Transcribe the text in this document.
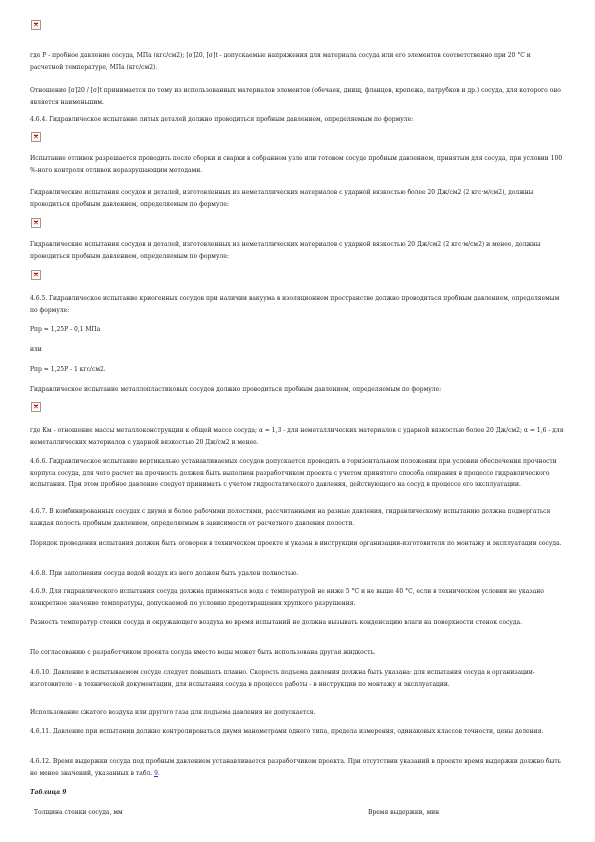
✕

где P - пробное давление сосуда, МПа (кгс/см2); [σ]20, [σ]t - допускаемые напряжения для материала сосуда или его элементов соответственно при 20 °С и расчетной температуре, МПа (кгс/см2).

Отношение [σ]20 / [σ]t принимается по тому из использованных материалов элементов (обечаек, днищ, фланцев, крепежа, патрубков и др.) сосуда, для которого оно является наименьшим.

4.6.4. Гидравлическое испытание литых деталей должно проводиться пробным давлением, определяемым по формуле:

✕

Испытание отливок разрешается проводить после сборки и сварки в собранном узле или готовом сосуде пробным давлением, принятым для сосуда, при условии 100 %-ного контроля отливок неразрушающим методами.

Гидравлические испытания сосудов и деталей, изготовленных из неметаллических материалов с ударной вязкостью более 20 Дж/см2 (2 кгс·м/см2), должны проводиться пробным давлением, определяемым по формуле:

✕

Гидравлические испытания сосудов и деталей, изготовленных из неметаллических материалов с ударной вязкостью 20 Дж/см2 (2 кгс·м/см2) и менее, должны проводиться пробным давлением, определяемым по формуле:

✕

4.6.5. Гидравлическое испытание криогенных сосудов при наличии вакуума в изоляционном пространстве должно проводиться пробным давлением, определяемым по формуле:

Рпр = 1,25Р - 0,1 МПа

или

Рпр = 1,25Р - 1 кгс/см2.

Гидравлическое испытание металлопластиковых сосудов должно проводиться пробным давлением, определяемым по формуле:

✕

где Км - отношение массы металлоконструкции к общей массе сосуда; α = 1,3 - для неметаллических материалов с ударной вязкостью более 20 Дж/см2; α = 1,6 - для неметаллических материалов с ударной вязкостью 20 Дж/см2 и менее.

4.6.6. Гидравлическое испытание вертикально устанавливаемых сосудов допускается проводить в горизонтальном положении при условии обеспечения прочности корпуса сосуда, для чего расчет на прочность должен быть выполнен разработчиком проекта с учетом принятого способа опирания в процессе гидравлического испытания. При этом пробное давление следует принимать с учетом гидростатического давления, действующего на сосуд в процессе его эксплуатации.

4.6.7. В комбинированных сосудах с двумя и более рабочими полостями, рассчитанными на разные давления, гидравлическому испытанию должна подвергаться каждая полость пробным давлением, определяемым в зависимости от расчетного давления полости.

Порядок проведения испытания должен быть оговорен в техническом проекте и указан в инструкции организации-изготовителя по монтажу и эксплуатации сосуда.

4.6.8. При заполнении сосуда водой воздух из него должен быть удален полностью.

4.6.9. Для гидравлического испытания сосуда должна применяться вода с температурой не ниже 5 °С и не выше 40 °С, если в техническом условии не указано конкретное значение температуры, допускаемой по условию предотвращения хрупкого разрушения.

Разность температур стенки сосуда и окружающего воздуха во время испытаний не должна вызывать конденсацию влаги на поверхности стенок сосуда.

По согласованию с разработчиком проекта сосуда вместо воды может быть использована другая жидкость.

4.6.10. Давление в испытываемом сосуде следует повышать плавно. Скорость подъема давления должна быть указана: для испытания сосуда в организации-изготовителе - в технической документации, для испытания сосуда в процессе работы - в инструкции по монтажу и эксплуатации.

Использование сжатого воздуха или другого газа для подъема давления не допускается.

4.6.11. Давление при испытании должно контролироваться двумя манометрами одного типа, предела измерения, одинаковых классов точности, цены деления.

4.6.12. Время выдержки сосуда под пробным давлением устанавливается разработчиком проекта. При отсутствии указаний в проекте время выдержки должно быть не менее значений, указанных в табл. 9.

Таблица 9

Толщина стенки сосуда, мм	Время выдержки, мин
